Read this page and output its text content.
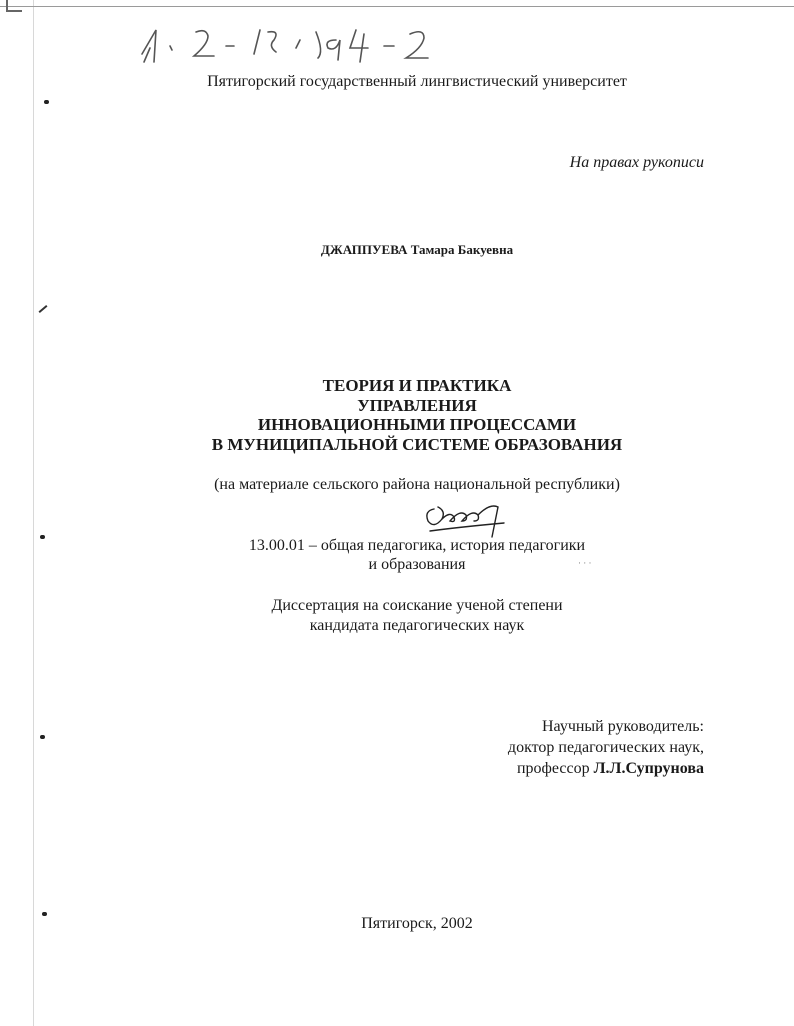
61: 02-13/ 94-2
Пятигорский государственный лингвистический университет
На правах рукописи
ДЖАППУЕВА Тамара Бакуевна
ТЕОРИЯ И ПРАКТИКА
УПРАВЛЕНИЯ
ИННОВАЦИОННЫМИ ПРОЦЕССАМИ
В МУНИЦИПАЛЬНОЙ СИСТЕМЕ ОБРАЗОВАНИЯ
(на материале сельского района национальной республики)
13.00.01 – общая педагогика, история педагогики
и образования	· · ·
Диссертация на соискание ученой степени
кандидата педагогических наук
Научный руководитель:
доктор педагогических наук,
профессор Л.Л.Супрунова
Пятигорск, 2002
